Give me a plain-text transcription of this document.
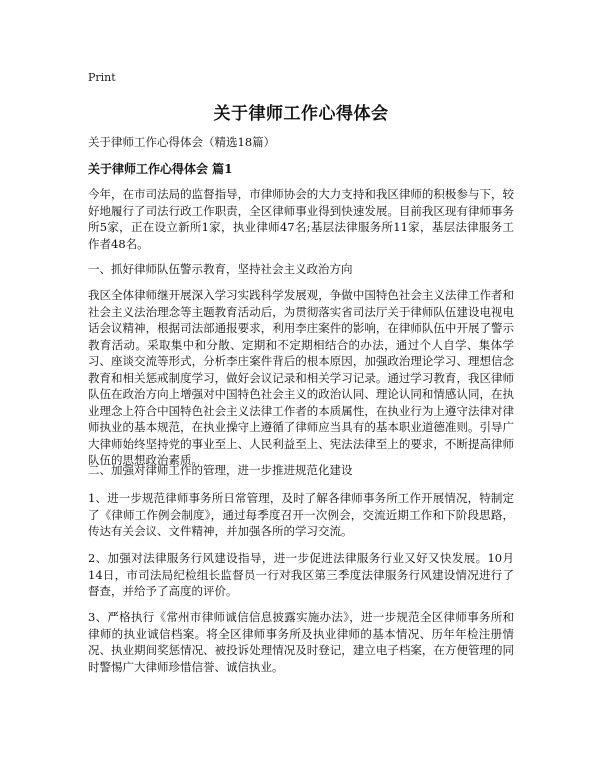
Print
关于律师工作心得体会
关于律师工作心得体会（精选18篇）
关于律师工作心得体会 篇1

今年，在市司法局的监督指导，市律师协会的大力支持和我区律师的积极参与下，较好地履行了司法行政工作职责，全区律师事业得到快速发展。目前我区现有律师事务所5家，正在设立新所1家，执业律师47名;基层法律服务所11家，基层法律服务工作者48名。

一、抓好律师队伍警示教育，坚持社会主义政治方向

我区全体律师继开展深入学习实践科学发展观，争做中国特色社会主义法律工作者和社会主义法治理念等主题教育活动后，为贯彻落实省司法厅关于律师队伍建设电视电话会议精神，根据司法部通报要求，利用李庄案件的影响，在律师队伍中开展了警示教育活动。采取集中和分散、定期和不定期相结合的办法，通过个人自学、集体学习、座谈交流等形式，分析李庄案件背后的根本原因，加强政治理论学习、理想信念教育和相关惩戒制度学习，做好会议记录和相关学习记录。通过学习教育，我区律师队伍在政治方向上增强对中国特色社会主义的政治认同、理论认同和情感认同，在执业理念上符合中国特色社会主义法律工作者的本质属性，在执业行为上遵守法律对律师执业的基本规范，在执业操守上遵循了律师应当具有的基本职业道德准则。引导广大律师始终坚持党的事业至上、人民利益至上、宪法法律至上的要求，不断提高律师队伍的思想政治素质。

二、加强对律师工作的管理，进一步推进规范化建设

1、进一步规范律师事务所日常管理，及时了解各律师事务所工作开展情况，特制定了《律师工作例会制度》，通过每季度召开一次例会，交流近期工作和下阶段思路，传达有关会议、文件精神，并加强各所的学习交流。

2、加强对法律服务行风建设指导，进一步促进法律服务行业又好又快发展。10月14日，市司法局纪检组长监督员一行对我区第三季度法律服务行风建设情况进行了督查，并给予了高度的评价。

3、严格执行《常州市律师诚信信息披露实施办法》，进一步规范全区律师事务所和律师的执业诚信档案。将全区律师事务所及执业律师的基本情况、历年年检注册情况、执业期间奖惩情况、被投诉处理情况及时登记，建立电子档案，在方便管理的同时警惕广大律师珍惜信誉、诚信执业。
